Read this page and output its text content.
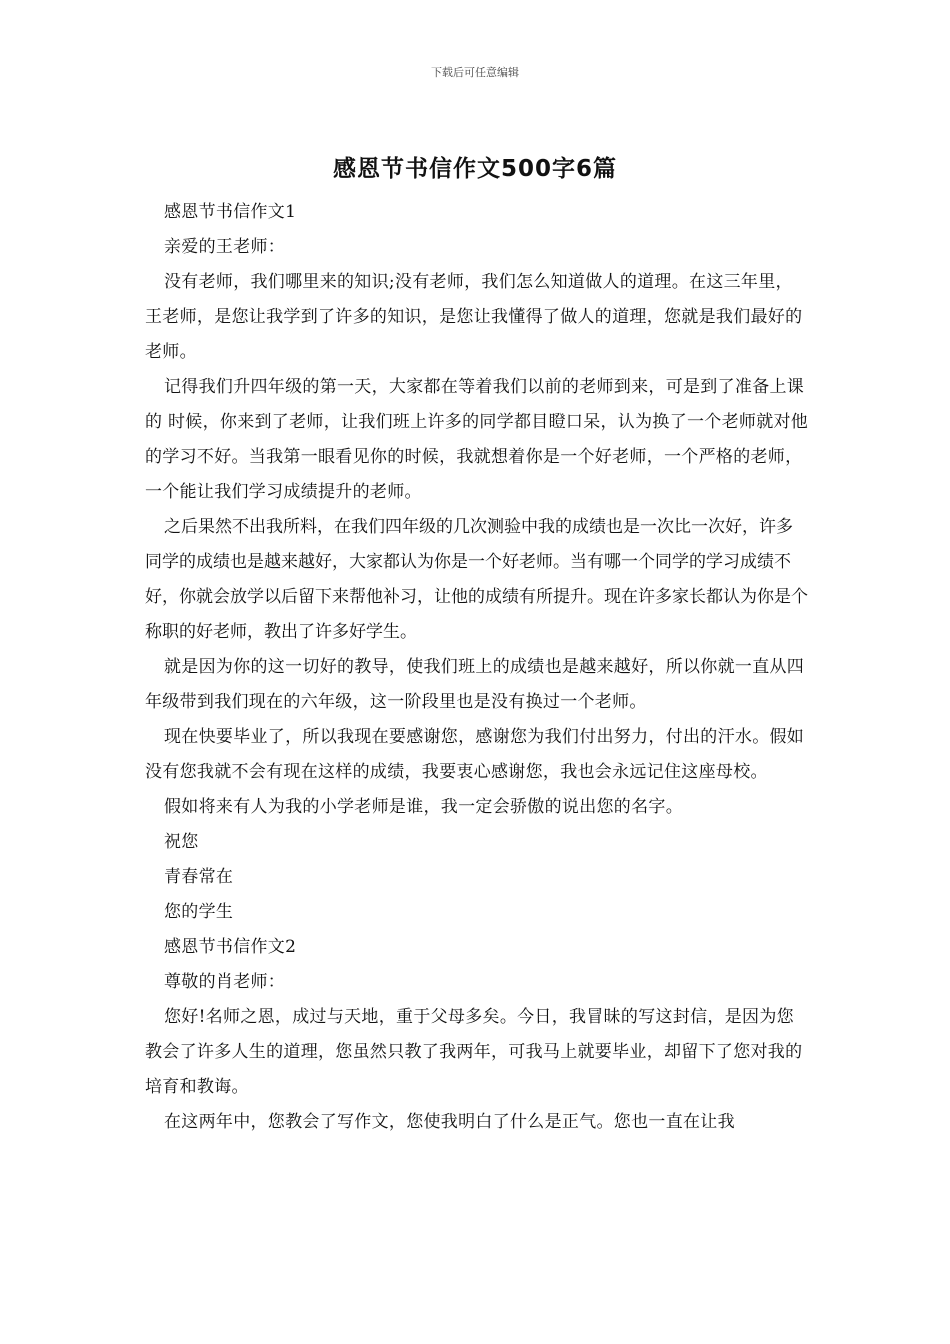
下载后可任意编辑
感恩节书信作文500字6篇

感恩节书信作文1

亲爱的王老师：

没有老师，我们哪里来的知识;没有老师，我们怎么知道做人的道理。在这三年里，王老师，是您让我学到了许多的知识，是您让我懂得了做人的道理，您就是我们最好的老师。

记得我们升四年级的第一天，大家都在等着我们以前的老师到来，可是到了准备上课的 时候，你来到了老师，让我们班上许多的同学都目瞪口呆，认为换了一个老师就对他的学习不好。当我第一眼看见你的时候，我就想着你是一个好老师，一个严格的老师，一个能让我们学习成绩提升的老师。

之后果然不出我所料，在我们四年级的几次测验中我的成绩也是一次比一次好，许多同学的成绩也是越来越好，大家都认为你是一个好老师。当有哪一个同学的学习成绩不好，你就会放学以后留下来帮他补习，让他的成绩有所提升。现在许多家长都认为你是个称职的好老师，教出了许多好学生。

就是因为你的这一切好的教导，使我们班上的成绩也是越来越好，所以你就一直从四年级带到我们现在的六年级，这一阶段里也是没有换过一个老师。

现在快要毕业了，所以我现在要感谢您，感谢您为我们付出努力，付出的汗水。假如没有您我就不会有现在这样的成绩，我要衷心感谢您，我也会永远记住这座母校。

假如将来有人为我的小学老师是谁，我一定会骄傲的说出您的名字。

祝您

青春常在

您的学生

感恩节书信作文2

尊敬的肖老师：

您好!名师之恩，成过与天地，重于父母多矣。今日，我冒昧的写这封信，是因为您教会了许多人生的道理，您虽然只教了我两年，可我马上就要毕业，却留下了您对我的培育和教诲。

在这两年中，您教会了写作文，您使我明白了什么是正气。您也一直在让我
